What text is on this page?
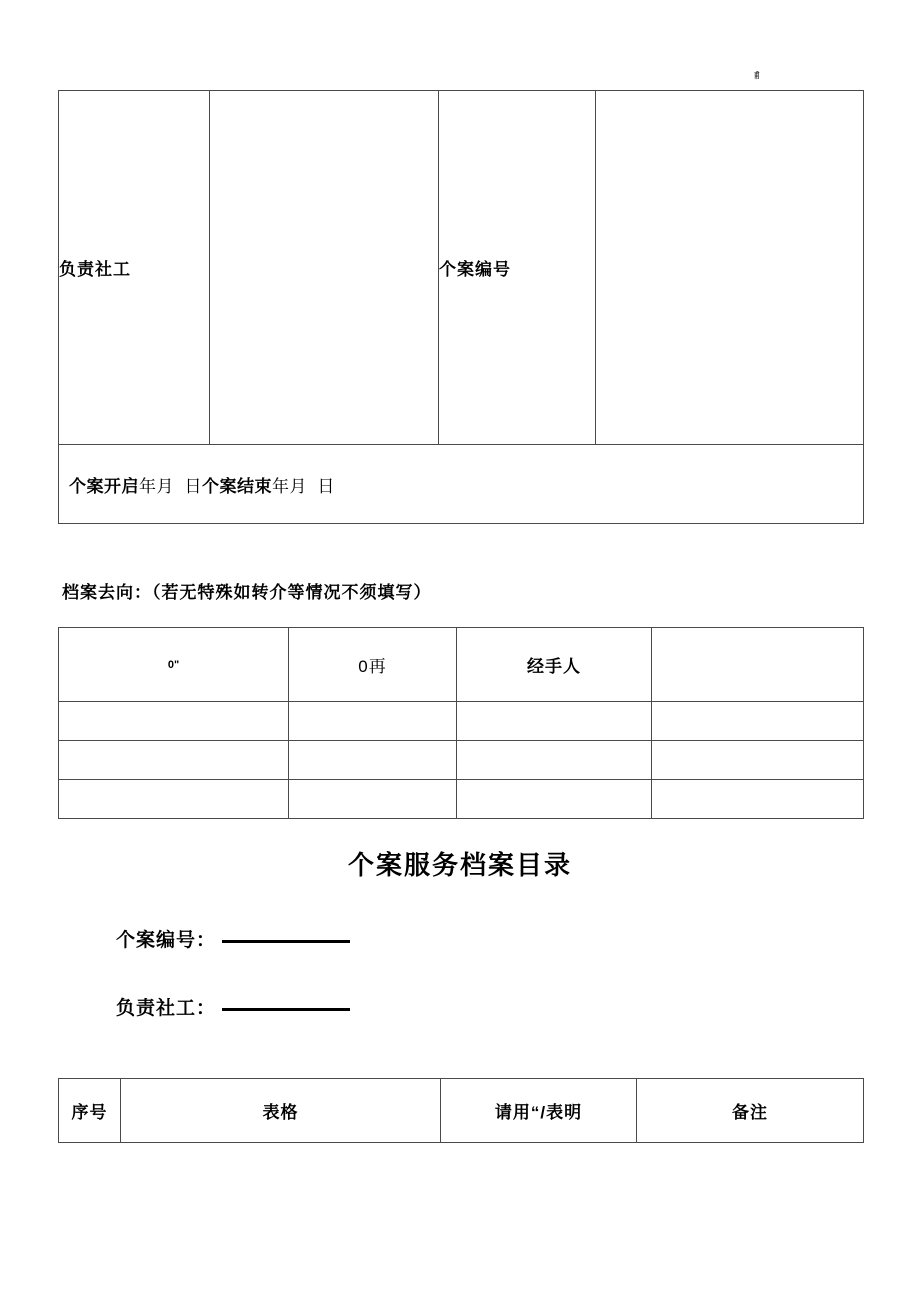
甫
负责社工		个案编号	

个案开启年月  日个案结束年月  日
档案去向：（若无特殊如转介等情况不须填写）
0"	0再	经手人	

个案服务档案目录
个案编号：
负责社工：
序号	表格	请用“/表明	备注
